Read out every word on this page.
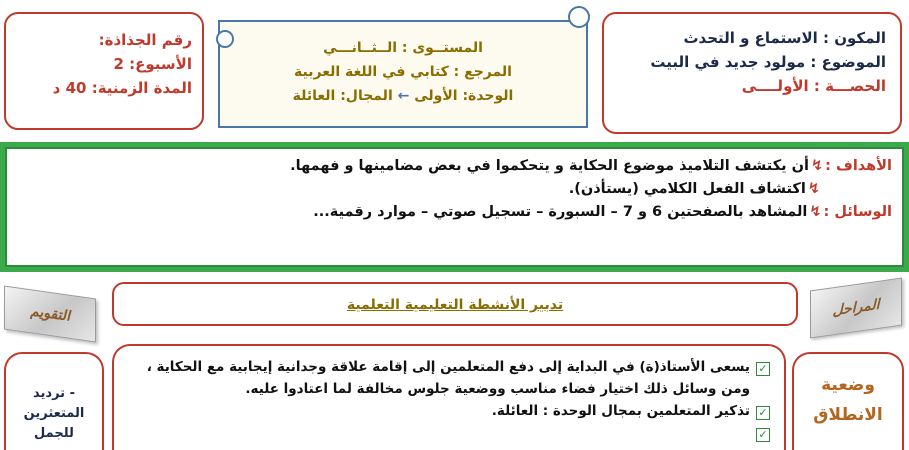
المكون : الاستماع و التحدث

الموضوع : مولود جديد في البيت

الحصـــة : الأولــــى

المستــوى : الــثــانـــي

المرجع : كتابي في اللغة العربية

الوحدة: الأولى ← المجال: العائلة

رقم الجذاذة:

الأسبوع: 2

المدة الزمنية: 40 د

الأهداف :↯أن يكتشف التلاميذ موضوع الحكاية و يتحكموا في بعض مضامينها و فهمها.
↯اكتشاف الفعل الكلامي (يستأذن).
الوسائل :↯المشاهد بالصفحتين 6 و 7 – السبورة – تسجيل صوتي – موارد رقمية...
المراحل
تدبير الأنشطة التعليمية التعلمية
التقويم
وضعية
الانطلاق
✓يسعى الأستاذ(ة) في البداية إلى دفع المتعلمين إلى إقامة علاقة وجدانية إيجابية مع الحكاية ،
ومن وسائل ذلك اختيار فضاء مناسب ووضعية جلوس مخالفة لما اعتادوا عليه.
✓تذكير المتعلمين بمجال الوحدة : العائلة.
✓
- ترديد
المتعثرين
للجمل
